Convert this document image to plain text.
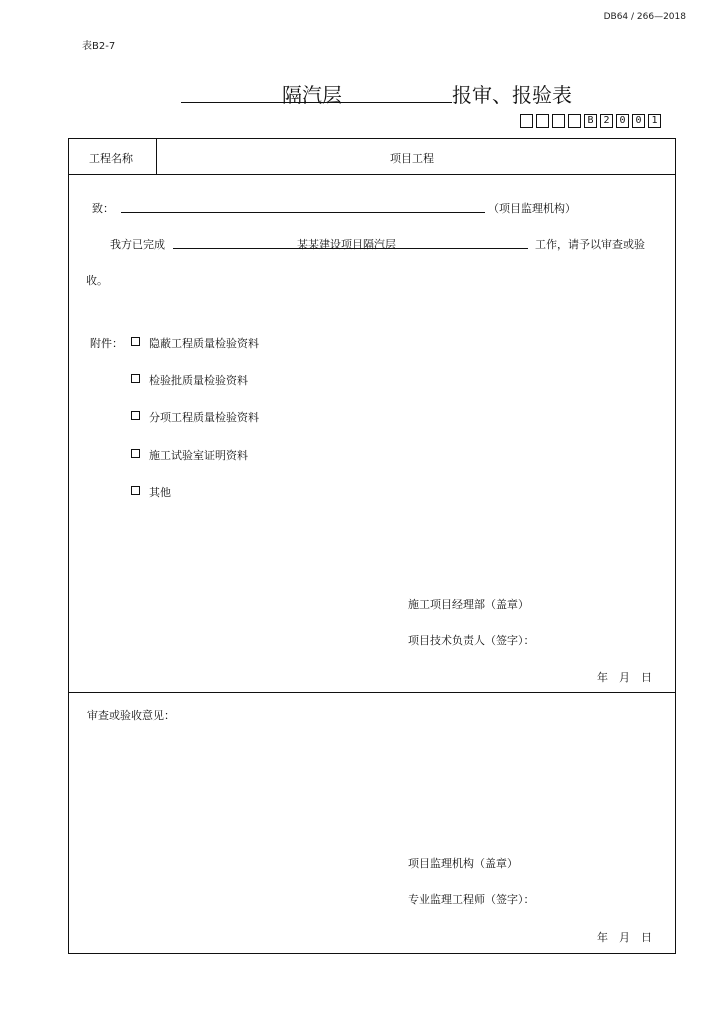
DB64 / 266—2018
表B2-7
隔汽层	报审、报验表
B 2 0 0 1
工程名称	项目工程
致：	（项目监理机构）
我方已完成	某某建设项目隔汽层	工作，请予以审查或验
收。
附件： 隐蔽工程质量检验资料
检验批质量检验资料
分项工程质量检验资料
施工试验室证明资料
其他
施工项目经理部（盖章）
项目技术负责人（签字）：
年　月　日
审查或验收意见：
项目监理机构（盖章）
专业监理工程师（签字）：
年　月　日
